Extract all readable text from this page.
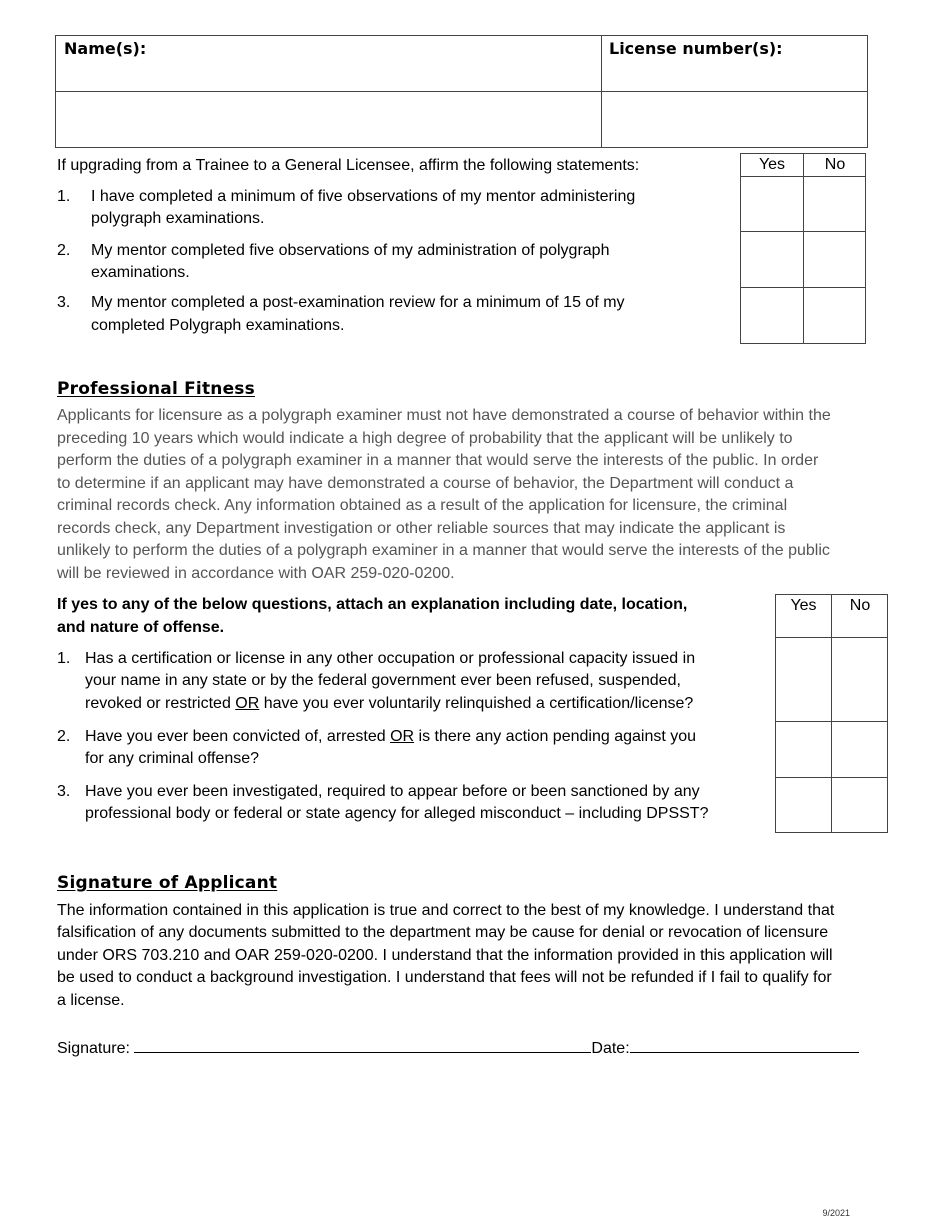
Name(s):	License number(s):
If upgrading from a Trainee to a General Licensee, affirm the following statements:
1. I have completed a minimum of five observations of my mentor administering
polygraph examinations.
2. My mentor completed five observations of my administration of polygraph
examinations.
3. My mentor completed a post-examination review for a minimum of 15 of my
completed Polygraph examinations.
Yes	No
Professional Fitness
Applicants for licensure as a polygraph examiner must not have demonstrated a course of behavior within the
preceding 10 years which would indicate a high degree of probability that the applicant will be unlikely to
perform the duties of a polygraph examiner in a manner that would serve the interests of the public. In order
to determine if an applicant may have demonstrated a course of behavior, the Department will conduct a
criminal records check. Any information obtained as a result of the application for licensure, the criminal
records check, any Department investigation or other reliable sources that may indicate the applicant is
unlikely to perform the duties of a polygraph examiner in a manner that would serve the interests of the public
will be reviewed in accordance with OAR 259-020-0200.
If yes to any of the below questions, attach an explanation including date, location,
and nature of offense.
1. Has a certification or license in any other occupation or professional capacity issued in
your name in any state or by the federal government ever been refused, suspended,
revoked or restricted OR have you ever voluntarily relinquished a certification/license?
2. Have you ever been convicted of, arrested OR is there any action pending against you
for any criminal offense?
3. Have you ever been investigated, required to appear before or been sanctioned by any
professional body or federal or state agency for alleged misconduct – including DPSST?
Yes	No
Signature of Applicant
The information contained in this application is true and correct to the best of my knowledge. I understand that
falsification of any documents submitted to the department may be cause for denial or revocation of licensure
under ORS 703.210 and OAR 259-020-0200. I understand that the information provided in this application will
be used to conduct a background investigation. I understand that fees will not be refunded if I fail to qualify for
a license.
Signature:	Date:
9/2021
